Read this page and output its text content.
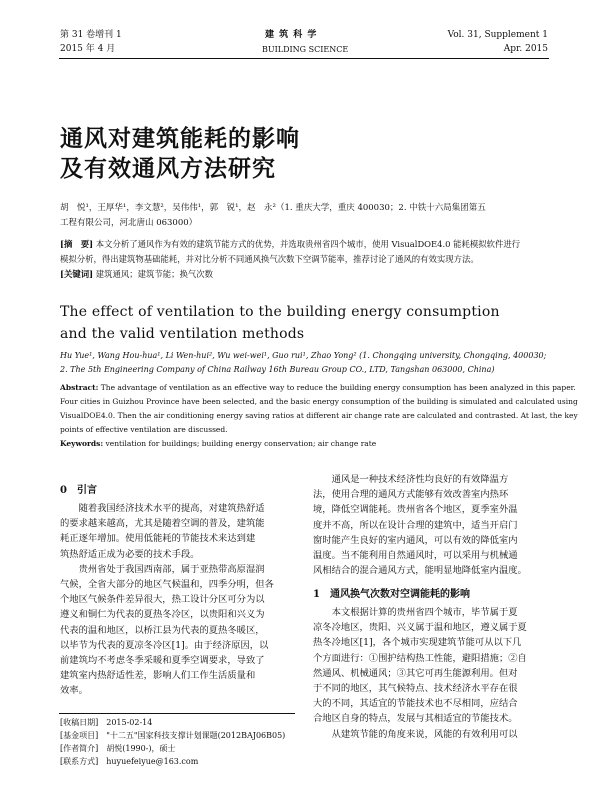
第 31 卷增刊 1
2015 年 4 月
建 筑 科 学
BUILDING SCIENCE
Vol. 31, Supplement 1
Apr. 2015
通风对建筑能耗的影响
及有效通风方法研究
胡　悦¹，王厚华¹，李文慧²，吴伟伟¹，郭　锐¹，赵　永²（1. 重庆大学，重庆 400030；2. 中铁十六局集团第五
工程有限公司，河北唐山 063000）
[摘　要] 本文分析了通风作为有效的建筑节能方式的优势，并选取贵州省四个城市，使用 VisualDOE4.0 能耗模拟软件进行
模拟分析，得出建筑物基础能耗，并对比分析不同通风换气次数下空调节能率，推荐讨论了通风的有效实现方法。
[关键词] 建筑通风；建筑节能；换气次数
The effect of ventilation to the building energy consumption
and the valid ventilation methods
Hu Yue¹, Wang Hou-hua¹, Li Wen-hui², Wu wei-wei¹, Guo rui¹, Zhao Yong² (1. Chongqing university, Chongqing, 400030;
2. The 5th Engineering Company of China Railway 16th Bureau Group CO., LTD, Tangshan 063000, China)
Abstract: The advantage of ventilation as an effective way to reduce the building energy consumption has been analyzed in this paper.
Four cities in Guizhou Province have been selected, and the basic energy consumption of the building is simulated and calculated using
VisualDOE4.0. Then the air conditioning energy saving ratios at different air change rate are calculated and contrasted. At last, the key
points of effective ventilation are discussed.
Keywords: ventilation for buildings; building energy conservation; air change rate
0　引言
随着我国经济技术水平的提高，对建筑热舒适
的要求越来越高，尤其是随着空调的普及，建筑能
耗正逐年增加。使用低能耗的节能技术来达到建
筑热舒适正成为必要的技术手段。
贵州省处于我国西南部，属于亚热带高原湿润
气候，全省大部分的地区气候温和，四季分明，但各
个地区气候条件差异很大，热工设计分区可分为以
遵义和铜仁为代表的夏热冬冷区，以贵阳和兴义为
代表的温和地区，以桥江县为代表的夏热冬暖区，
以毕节为代表的夏凉冬冷区[1]。由于经济原因，以
前建筑均不考虑冬季采暖和夏季空调要求，导致了
建筑室内热舒适性差，影响人们工作生活质量和
效率。
[收稿日期]　2015-02-14
[基金项目]　"十二五"国家科技支撑计划课题(2012BAJ06B05)
[作者简介]　胡悦(1990-)，硕士
[联系方式]　huyuefeiyue@163.com
通风是一种技术经济性均良好的有效降温方
法，使用合理的通风方式能够有效改善室内热环
境，降低空调能耗。贵州省各个地区，夏季室外温
度并不高，所以在设计合理的建筑中，适当开启门
窗时能产生良好的室内通风，可以有效的降低室内
温度。当不能利用自然通风时，可以采用与机械通
风相结合的混合通风方式，能明显地降低室内温度。
1　通风换气次数对空调能耗的影响
本文根据计算的贵州省四个城市，毕节属于夏
凉冬冷地区，贵阳、兴义属于温和地区，遵义属于夏
热冬冷地区[1]，各个城市实现建筑节能可从以下几
个方面进行：①围护结构热工性能，避阳措施；②自
然通风、机械通风；③其它可再生能源利用。但对
于不同的地区，其气候特点、技术经济水平存在很
大的不同，其适宜的节能技术也不尽相同，应结合
合地区自身的特点，发展与其相适宜的节能技术。
从建筑节能的角度来说，风能的有效利用可以
